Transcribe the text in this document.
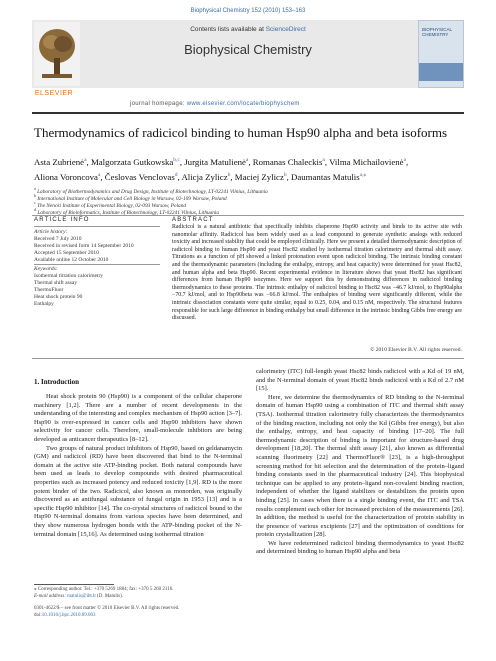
Biophysical Chemistry 152 (2010) 153–163
Contents lists available at ScienceDirect
Biophysical Chemistry
ELSEVIER
journal homepage: www.elsevier.com/locate/biophyschem
BIOPHYSICAL CHEMISTRY
Thermodynamics of radicicol binding to human Hsp90 alpha and beta isoforms
Asta Zubrienė$^a$, Malgorzata Gutkowska$^{b,c}$, Jurgita Matulienė$^a$, Romanas Chaleckis$^a$, Vilma Michailovienė$^a$,
Aliona Voroncova$^a$, Česlovas Venclovas$^d$, Alicja Zylicz$^b$, Maciej Zylicz$^b$, Daumantas Matulis$^{a,⁎}$
$^a$ Laboratory of Biothermodynamics and Drug Design, Institute of Biotechnology, LT-02241 Vilnius, Lithuania
$^b$ International Institute of Molecular and Cell Biology in Warsaw, 02-109 Warsaw, Poland
$^c$ The Nencki Institute of Experimental Biology, 02-093 Warsaw, Poland
$^d$ Laboratory of Bioinformatics, Institute of Biotechnology, LT-02241 Vilnius, Lithuania
ARTICLE INFO	ABSTRACT
Article history:
Received 7 July 2010
Received in revised form 14 September 2010
Accepted 15 September 2010
Available online 12 October 2010
Keywords:
Isothermal titration calorimetry
Thermal shift assay
ThermoFluor
Heat shock protein 90
Enthalpy
Radicicol is a natural antibiotic that specifically inhibits chaperone Hsp90 activity and binds to its active site with nanomolar affinity. Radicicol has been widely used as a lead compound to generate synthetic analogs with reduced toxicity and increased stability that could be employed clinically. Here we present a detailed thermodynamic description of radicicol binding to human Hsp90 and yeast Hsc82 studied by isothermal titration calorimetry and thermal shift assay. Titrations as a function of pH showed a linked protonation event upon radicicol binding. The intrinsic binding constant and the thermodynamic parameters (including the enthalpy, entropy, and heat capacity) were determined for yeast Hsc82, and human alpha and beta Hsp90. Recent experimental evidence in literature shows that yeast Hsc82 has significant differences from human Hsp90 isozymes. Here we support this by demonstrating differences in radicicol binding thermodynamics to these proteins. The intrinsic enthalpy of radicicol binding to Hsc82 was −46.7 kJ/mol, to Hsp90alpha −70.7 kJ/mol, and to Hsp90beta was −66.8 kJ/mol. The enthalpies of binding were significantly different, while the intrinsic dissociation constants were quite similar, equal to 0.25, 0.04, and 0.15 nM, respectively. The structural features responsible for such large difference in binding enthalpy but small difference in the intrinsic binding Gibbs free energy are discussed.
© 2010 Elsevier B.V. All rights reserved.
1. Introduction

Heat shock protein 90 (Hsp90) is a component of the cellular chaperone machinery [1,2]. There are a number of recent developments in the understanding of the interesting and complex mechanism of Hsp90 action [3–7]. Hsp90 is over-expressed in cancer cells and Hsp90 inhibitors have shown selectivity for cancer cells. Therefore, small-molecule inhibitors are being developed as anticancer therapeutics [8–12].

Two groups of natural product inhibitors of Hsp90, based on geldanamycin (GM) and radicicol (RD) have been discovered that bind to the N-terminal domain at the active site ATP-binding pocket. Both natural compounds have been used as leads to develop compounds with desired pharmaceutical properties such as increased potency and reduced toxicity [1,9]. RD is the more potent binder of the two. Radicicol, also known as monorden, was originally discovered as an antifungal substance of fungal origin in 1953 [13] and is a specific Hsp90 inhibitor [14]. The co-crystal structures of radicicol bound to the Hsp90 N-terminal domains from various species have been determined, and they show numerous hydrogen bonds with the ATP-binding pocket of the N-terminal domain [15,16]. As determined using isothermal titration

calorimetry (ITC) full-length yeast Hsc82 binds radicicol with a Kd of 19 nM, and the N-terminal domain of yeast Hsc82 binds radicicol with a Kd of 2.7 nM [15].

Here, we determine the thermodynamics of RD binding to the N-terminal domain of human Hsp90 using a combination of ITC and thermal shift assay (TSA). Isothermal titration calorimetry fully characterizes the thermodynamics of the binding reaction, including not only the Kd (Gibbs free energy), but also the enthalpy, entropy, and heat capacity of binding [17–20]. The full thermodynamic description of binding is important for structure-based drug development [18,20]. The thermal shift assay [21], also known as differential scanning fluorimetry [22] and ThermoFluor® [23], is a high-throughput screening method for hit selection and the determination of the protein–ligand binding constants used in the pharmaceutical industry [24]. This biophysical technique can be applied to any protein–ligand non-covalent binding reaction, independent of whether the ligand stabilizes or destabilizes the protein upon binding [25]. In cases when there is a single binding event, the ITC and TSA results complement each other for increased precision of the measurements [26]. In addition, the method is useful for the characterization of protein stability in the presence of various excipients [27] and the optimization of conditions for protein crystallization [28].

We have redetermined radicicol binding thermodynamics to yeast Hsc82 and determined binding to human Hsp90 alpha and beta

⁎ Corresponding author. Tel.: +370 5269 1884; fax: +370 5 260 2116.
E-mail address: matulis@ibt.lt (D. Matulis).
0301-4622/$ – see front matter © 2010 Elsevier B.V. All rights reserved.
doi:10.1016/j.bpc.2010.09.003
